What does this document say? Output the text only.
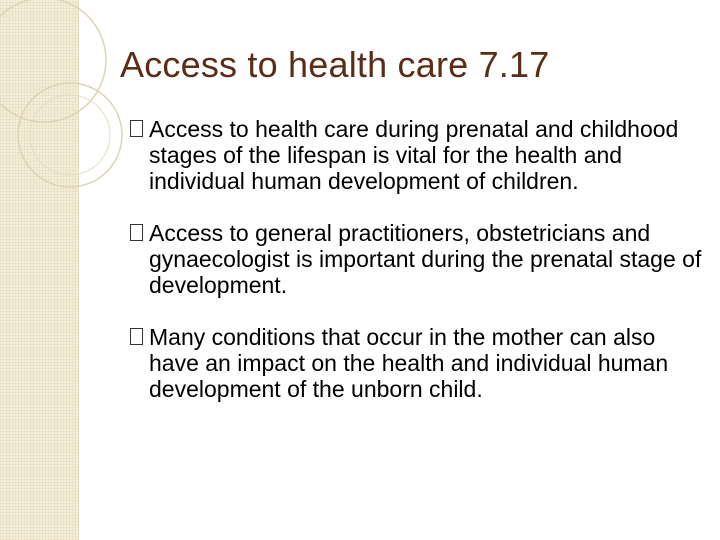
Access to health care 7.17
Access to health care during prenatal and childhood stages of the lifespan is vital for the health and individual human development of children.
Access to general practitioners, obstetricians and gynaecologist is important during the prenatal stage of development.
Many conditions that occur in the mother can also have an impact on the health and individual human development of the unborn child.
